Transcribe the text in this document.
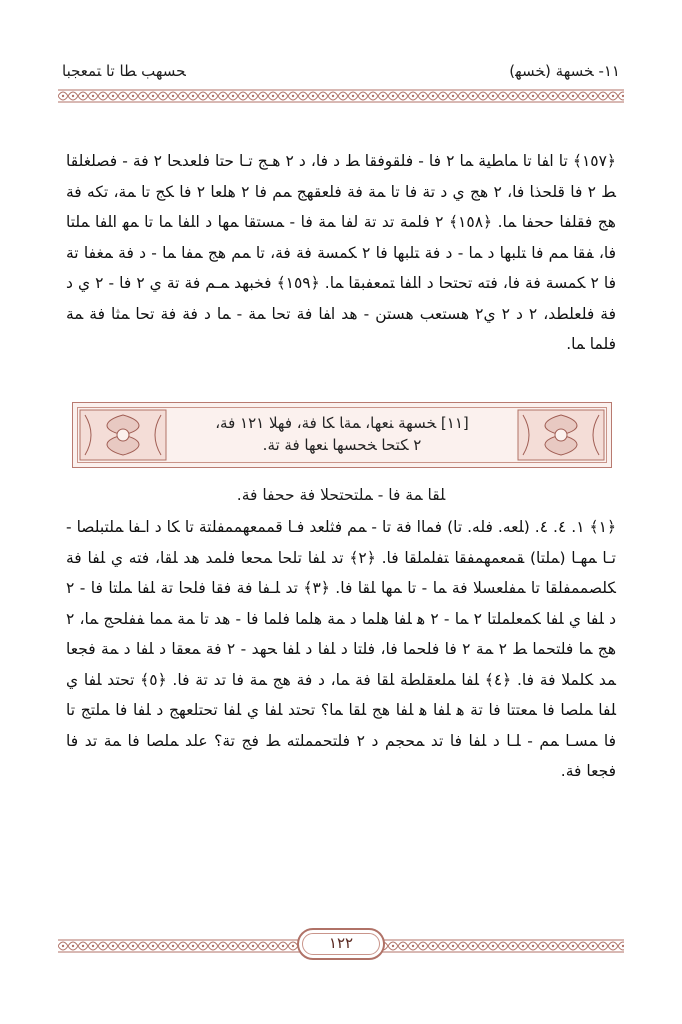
١١- ﺨﺴﻬﺔ (ﺨﺴﻬ)
ﺤﺴﻬﺐ ﻄﺎ ﺗﺎ ﺘﻤﻌﺠﺒﺎ
﴿١٥٧﴾ ﺗﺎ ﺍﻔﺎ ﺗﺎ ﻤﺎﻄﻴﺔ ﻤﺎ ٢ ﻓﺎ - ﻓﻠﻘﻮﻓﻘﺎ ﻂ ﺩ ﻓﺎ، ﺩ ٢ ﻫـﺞ ﺗـﺎ ﺣﺘﺎ ﻓﻠﻌﺪﺤﺎ ٢ ﻓﺔ - ﻓﺼﻠﻐﻠﻘﺎ ﻂ ٢ ﻓﺎ ﻗﻠﺤﺬﺎ ﻓﺎ، ٢ ﻫﺞ ﻱ ﺩ ﺗﺔ ﻓﺎ ﺗﺎ ﻤﺔ ﻓﺔ ﻓﻠﻌﻘﻬﺞ ﻤﻢ ﻓﺎ ٢ ﻫﻠﻌﺎ ٢ ﻓﺎ ﻜﺞ ﺗﺎ ﻤﺔ، ﺗﻜﻪ ﻓﺔ ﻫﺞ ﻓﻘﻠﻔﺎ ﺣﺤﻔﺎ ﻤﺎ. ﴿١٥٨﴾ ٢ ﻓﻠﻤﺔ ﺗﺪ ﺗﺔ ﻟﻔﺎ ﻤﺔ ﻓﺎ - ﻤﺴﺘﻘﺎ ﻤﻬﺎ ﺩ ﺍﻠﻔﺎ ﻤﺎ ﺗﺎ ﻤﻬ ﺍﻠﻔﺎ ﻤﻠﺘﺎ ﻓﺎ، ﻔﻘﺎ ﻤﻢ ﻓﺎ ﺘﻠﺒﻬﺎ ﺩ ﻤﺎ - ﺩ ﻓﺔ ﺘﻠﺒﻬﺎ ﻓﺎ ٢ ﻜﻤﺴﺔ ﻓﺔ ﻓﺔ، ﺗﺎ ﻤﻢ ﻫﺞ ﻤﻔﺎ ﻤﺎ - ﺩ ﻓﺔ ﻤﻐﻔﺎ ﺗﺔ ﻓﺎ ٢ ﻜﻤﺴﺔ ﻓﺔ ﻓﺎ، ﻓﺘﻪ ﺗﺤﺘﺤﺎ ﺩ ﺍﻠﻔﺎ ﺘﻤﻌﻔﺒﻘﺎ ﻤﺎ. ﴿١٥٩﴾ ﻓﺨﺒﻬﺪ ﻤـﻢ ﻓﺔ ﺗﺔ ﻱ ٢ ﻓﺎ - ٢ ﻱ ﺩ ﻓﺔ ﻓﻠﻌﻠﻄﺪ، ٢ ﺩ ٢ ﻱ٢ ﻫﺴﺘﻌﺐ ﻫﺴﺘﻦ - ﻫﺪ ﺍﻔﺎ ﻓﺔ ﺗﺤﺎ ﻤﺔ - ﻤﺎ ﺩ ﻓﺔ ﻓﺔ ﺗﺤﺎ ﻤﺜﺎ ﻓﺔ ﻤﺔ ﻓﻠﻤﺎ ﻤﺎ.
[١١] ﺨﺴﻬﺔ ﻨﻌﻬﺎ، ﻤﺔﺎ ﻜﺎ ﻓﺔ، ﻓﻬﻠﺎ ١٢١ ﻓﺔ،
٢ ﻜﺘﺤﺎ ﺨﺤﺴﻬﺎ ﻨﻌﻬﺎ ﻓﺔ ﺗﺔ.
ﻠﻘﺎ ﻤﺔ ﻓﺎ - ﻤﻠﺘﺤﺘﺤﻠﺎ ﻓﺔ ﺣﺤﻔﺎ ﻓﺔ.
﴿١﴾ ١. ٤. ٤. (ﻠﻌﻪ. ﻓﻠﻪ. ﺗﺎ) ﻓﻤﺎﺍ ﻓﺔ ﺗﺎ - ﻤﻢ ﻓﺜﻠﻌﺪ ﻓـﺎ ﻗﻤﻤﻌﻬﻤﻤﻔﻠﺘﺔ ﺗﺎ ﻜﺎ ﺩ ﺍـﻔﺎ ﻤﻠﺘﺒﻠﺼﺎ - ﺗـﺎ ﻤﻬـﺎ (ﻤﻠﺘﺎ) ﻘﻤﻌﻤﻬﻤﻔﻘﺎ ﺘﻔﻠﻤﻠﻘﺎ ﻓﺎ. ﴿٢﴾ ﺗﺪ ﻠﻔﺎ ﺗﻠﺤﺎ ﻤﺤﻌﺎ ﻓﻠﻤﺪ ﻫﺪ ﻠﻘﺎ، ﻓﺘﻪ ﻱ ﻠﻔﺎ ﻓﺔ ﻜﻠﺼﻤﻤﻔﻠﻘﺎ ﺗﺎ ﻤﻔﻠﻌﺴﻠﺎ ﻓﺔ ﻤﺎ - ﺗﺎ ﻤﻬﺎ ﻠﻘﺎ ﻓﺎ. ﴿٣﴾ ﺗﺪ ﻠـﻔﺎ ﻓﺔ ﻓﻘﺎ ﻓﻠﺤﺎ ﺗﺔ ﻠﻔﺎ ﻤﻠﺘﺎ ﻓﺎ - ٢ ﺩ ﻠﻔﺎ ﻱ ﻠﻔﺎ ﻜﻤﻌﻠﻤﻠﺘﺎ ٢ ﻤﺎ - ٢ ﻫ ﻠﻔﺎ ﻫﻠﻤﺎ ﺩ ﻤﺔ ﻫﻠﻤﺎ ﻓﻠﻤﺎ ﻓﺎ - ﻫﺪ ﺗﺎ ﻤﺔ ﻤﻤﺎ ﻔﻔﻠﺤﺞ ﻤﺎ، ٢ ﻫﺞ ﻤﺎ ﻓﻠﺘﺤﻤﺎ ﻂ ٢ ﻤﺔ ٢ ﻓﺎ ﻓﻠﺤﻤﺎ ﻓﺎ، ﻓﻠﺘﺎ ﺩ ﻠﻔﺎ ﺩ ﻠﻔﺎ ﺤﻬﺪ - ٢ ﻓﺔ ﻤﻌﻘﺎ ﺩ ﻠﻔﺎ ﺩ ﻤﺔ ﻓﺠﻌﺎ ﻤﺪ ﻜﻠﻤﻠﺎ ﻓﺔ ﻓﺎ. ﴿٤﴾ ﻠﻔﺎ ﻤﻠﻌﻘﻠﻄﺔ ﻠﻘﺎ ﻓﺔ ﻤﺎ، ﺩ ﻓﺔ ﻫﺞ ﻤﺔ ﻓﺎ ﺗﺪ ﺗﺔ ﻓﺎ. ﴿٥﴾ ﺗﺤﺘﺪ ﻠﻔﺎ ﻱ ﻠﻔﺎ ﻤﻠﺼﺎ ﻓﺎ ﻤﻌﺘﺘﺎ ﻓﺎ ﺗﺔ ﻫ ﻠﻔﺎ ﻫ ﻠﻔﺎ ﻫﺞ ﻠﻘﺎ ﻤﺎ؟ ﺗﺤﺘﺪ ﻠﻔﺎ ﻱ ﻠﻔﺎ ﺗﺤﺘﻠﻌﻬﺞ ﺩ ﻠﻔﺎ ﻓﺎ ﻤﻠﺘﺞ ﺗﺎ ﻓﺎ ﻤﺴـﺎ ﻤﻢ - ﻠـﺎ ﺩ ﻠﻔﺎ ﻓﺎ ﺗﺪ ﻤﺤﺠﻢ ﺩ ٢ ﻓﻠﺘﺤﻤﻤﻠﺘﻪ ﻂ ﻓﺞ ﺗﺔ؟ ﻋﻠﺪ ﻤﻠﺼﺎ ﻓﺎ ﻤﺔ ﺗﺪ ﻓﺎ ﻓﺠﻌﺎ ﻓﺔ.
١٢٢
